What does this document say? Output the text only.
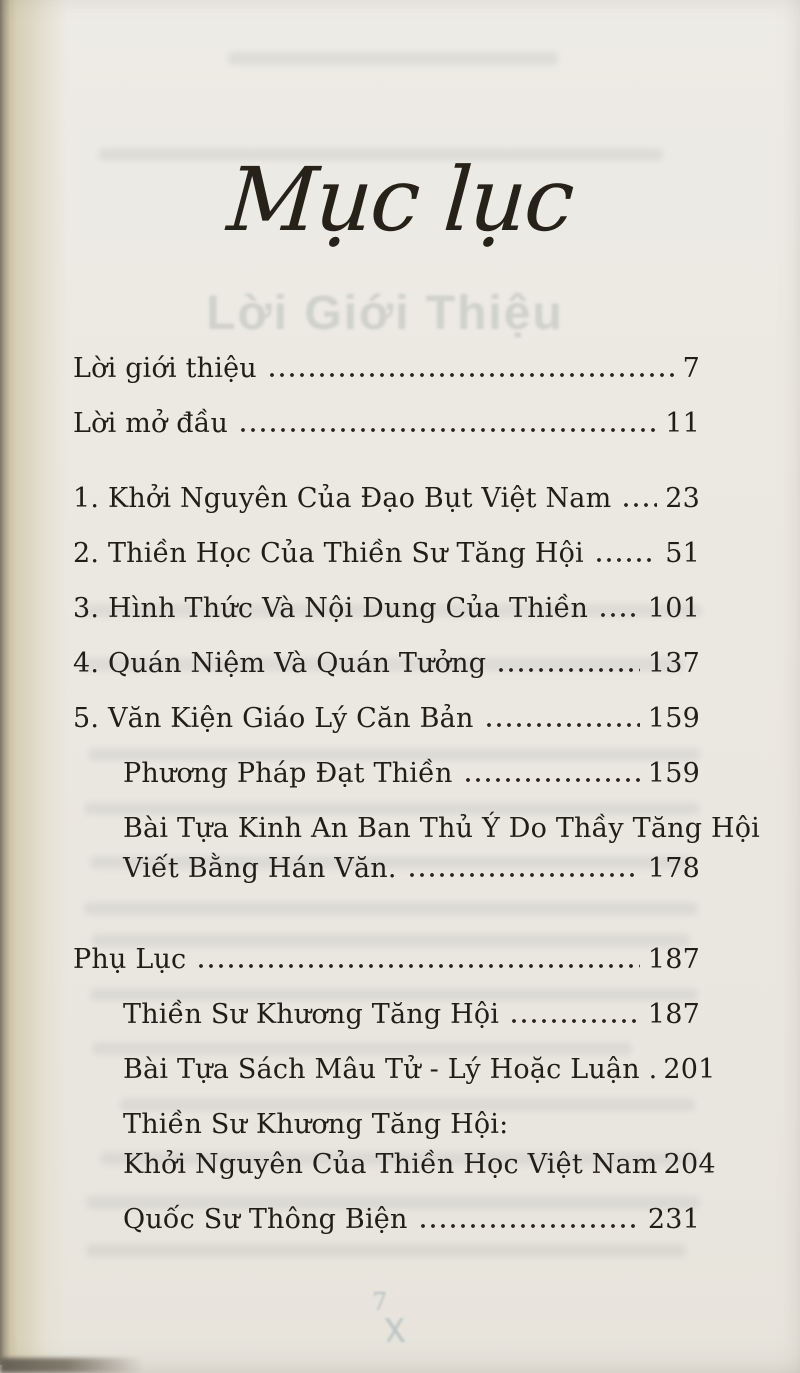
Lời Giới Thiệu
Mục lục
Lời giới thiệu	7
Lời mở đầu	11
1. Khởi Nguyên Của Đạo Bụt Việt Nam 23
2. Thiền Học Của Thiền Sư Tăng Hội	51
3. Hình Thức Và Nội Dung Của Thiền 101
4. Quán Niệm Và Quán Tưởng	137
5. Văn Kiện Giáo Lý Căn Bản	159
Phương Pháp Đạt Thiền	159
Bài Tựa Kinh An Ban Thủ Ý Do Thầy Tăng Hội
Viết Bằng Hán Văn.	178
Phụ Lục	187
Thiền Sư Khương Tăng Hội	187
Bài Tựa Sách Mâu Tử - Lý Hoặc Luận . 201
Thiền Sư Khương Tăng Hội:
Khởi Nguyên Của Thiền Học Việt Nam 204
Quốc Sư Thông Biện	231
7
